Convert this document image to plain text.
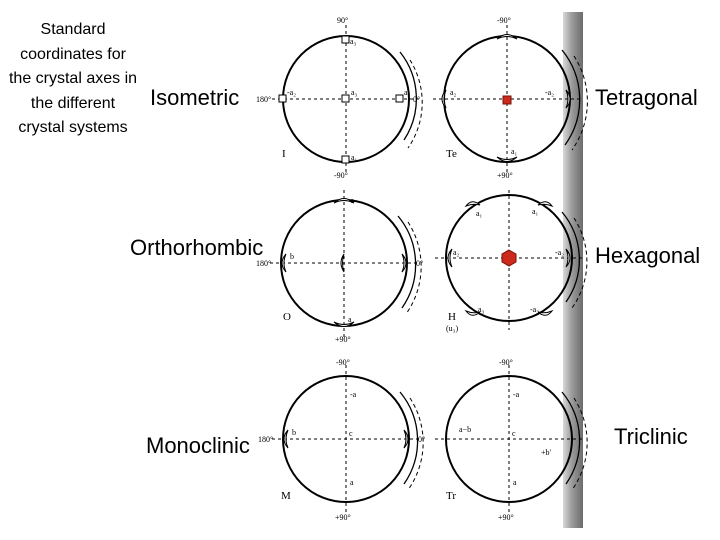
Standard coordinates for the crystal axes in the different crystal systems
Isometric	Tetragonal
Orthorhombic	Hexagonal
Monoclinic	Triclinic
90°
180°	0°
-90°
a₃
a₃
-a₂	a₂
a₁
I
-90°
+90°
a₂	-a₂
a₁
Te
+90°
180°	0°
b
-a
a
O
a₁	a₁
a₂	-a₂
a₃	-a₃
H
(u₃)
-90°
+90°
180°	0°
-a
c
b
a
M
-90°
+90°
-a
c
a−b
+b'
a
Tr
